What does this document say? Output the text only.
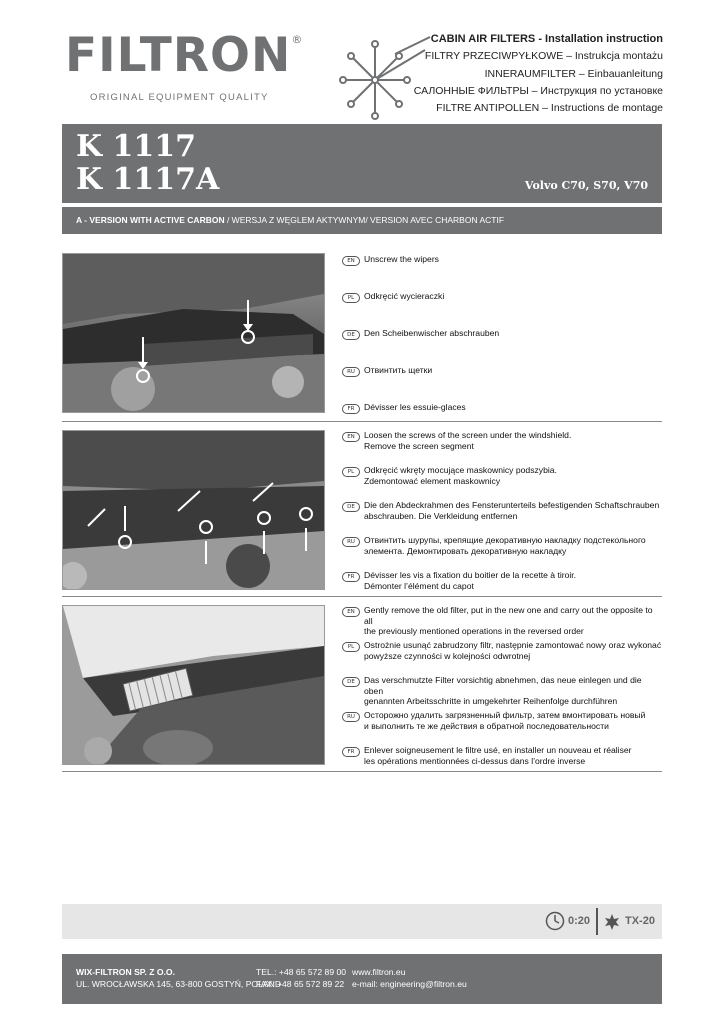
FILTRON®
ORIGINAL EQUIPMENT QUALITY
CABIN AIR FILTERS - Installation instruction
FILTRY PRZECIWPYŁKOWE – Instrukcja montażu
INNERAUMFILTER – Einbauanleitung
САЛОННЫЕ ФИЛЬТРЫ – Инструкция по установке
FILTRE ANTIPOLLEN – Instructions de montage
K 1117
K 1117A	Volvo C70, S70, V70
A - VERSION WITH ACTIVE CARBON / WERSJA Z WĘGLEM AKTYWNYM/ VERSION AVEC CHARBON ACTIF
EN	Unscrew the wipers
PL	Odkręcić wycieraczki
DE	Den Scheibenwischer abschrauben
RU	Отвинтить щетки
FR	Dévisser les essuie-glaces
EN	Loosen the screws of the screen under the windshield.
Remove the screen segment
PL	Odkręcić wkręty mocujące maskownicy podszybia.
Zdemontować element maskownicy
DE	Die den Abdeckrahmen des Fensterunterteils befestigenden Schaftschrauben
abschrauben. Die Verkleidung entfernen
RU	Отвинтить шурупы, крепящие декоративную накладку подстекольного
элемента. Демонтировать декоративную накладку
FR	Dévisser les vis a fixation du boitier de la recette à tiroir.
Démonter l’élément du capot
EN	Gently remove the old filter, put in the new one and carry out the opposite to all
the previously mentioned operations in the reversed order
PL	Ostrożnie usunąć zabrudzony filtr, następnie zamontować nowy oraz wykonać
powyższe czynności w kolejności odwrotnej
DE	Das verschmutzte Filter vorsichtig abnehmen, das neue einlegen und die oben
genannten Arbeitsschritte in umgekehrter Reihenfolge durchführen
RU	Осторожно удалить загрязненный фильтр, затем вмонтировать новый
и выполнить те же действия в обратной последовательности
FR	Enlever soigneusement le filtre usé, en installer un nouveau et réaliser
les opérations mentionnées ci-dessus dans l’ordre inverse
0:20	TX-20
WIX-FILTRON SP. Z O.O.
UL. WROCŁAWSKA 145, 63-800 GOSTYŃ, POLAND
TEL.: +48 65 572 89 00
FAX: +48 65 572 89 22
www.filtron.eu
e-mail: engineering@filtron.eu
